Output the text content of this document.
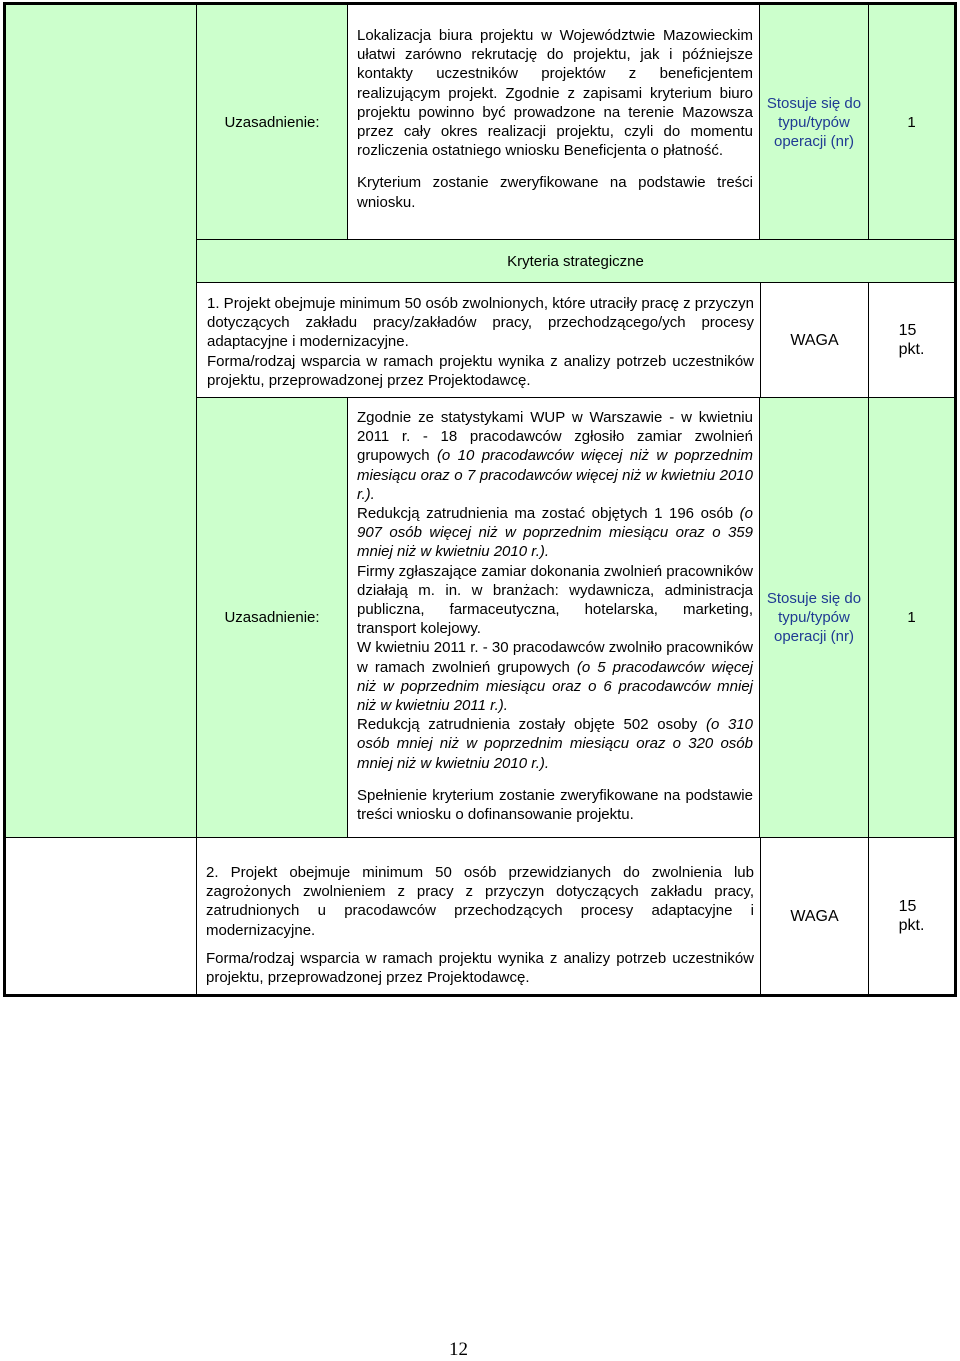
Uzasadnienie:

Lokalizacja biura projektu w Województwie Mazowieckim ułatwi zarówno rekrutację do projektu, jak i późniejsze kontakty uczestników projektów z beneficjentem realizującym projekt. Zgodnie z zapisami kryterium biuro projektu powinno być prowadzone na terenie Mazowsza przez cały okres realizacji projektu, czyli do momentu rozliczenia ostatniego wniosku Beneficjenta o płatność.

Kryterium zostanie zweryfikowane na podstawie treści wniosku.

Stosuje się do typu/typów operacji (nr)
1
Kryteria strategiczne

1. Projekt obejmuje minimum 50 osób zwolnionych, które utraciły pracę z przyczyn dotyczących zakładu pracy/zakładów pracy, przechodzącego/ych procesy adaptacyjne i modernizacyjne.

Forma/rodzaj wsparcia w ramach projektu wynika z analizy potrzeb uczestników projektu, przeprowadzonej przez Projektodawcę.

WAGA
15
pkt.
Uzasadnienie:

Zgodnie ze statystykami WUP w Warszawie - w kwietniu 2011 r. - 18 pracodawców zgłosiło zamiar zwolnień grupowych (o 10 pracodawców więcej niż w poprzednim miesiącu oraz o 7 pracodawców więcej niż w kwietniu 2010 r.).

Redukcją zatrudnienia ma zostać objętych 1 196 osób (o 907 osób więcej niż w poprzednim miesiącu oraz o 359 mniej niż w kwietniu 2010 r.).

Firmy zgłaszające zamiar dokonania zwolnień pracowników działają m. in. w branżach: wydawnicza, administracja publiczna, farmaceutyczna, hotelarska, marketing, transport kolejowy.

W kwietniu 2011 r. - 30 pracodawców zwolniło pracowników w ramach zwolnień grupowych (o 5 pracodawców więcej niż w poprzednim miesiącu oraz o 6 pracodawców mniej niż w kwietniu 2011 r.).

Redukcją zatrudnienia zostały objęte 502 osoby (o 310 osób mniej niż w poprzednim miesiącu oraz o 320 osób mniej niż w kwietniu 2010 r.).

Spełnienie kryterium zostanie zweryfikowane na podstawie treści wniosku o dofinansowanie projektu.

Stosuje się do typu/typów operacji (nr)
1

2. Projekt obejmuje minimum 50 osób przewidzianych do zwolnienia lub zagrożonych zwolnieniem z pracy z przyczyn dotyczących zakładu pracy, zatrudnionych u pracodawców przechodzących procesy adaptacyjne i modernizacyjne.

Forma/rodzaj wsparcia w ramach projektu wynika z analizy potrzeb uczestników projektu, przeprowadzonej przez Projektodawcę.

WAGA
15
pkt.
12
